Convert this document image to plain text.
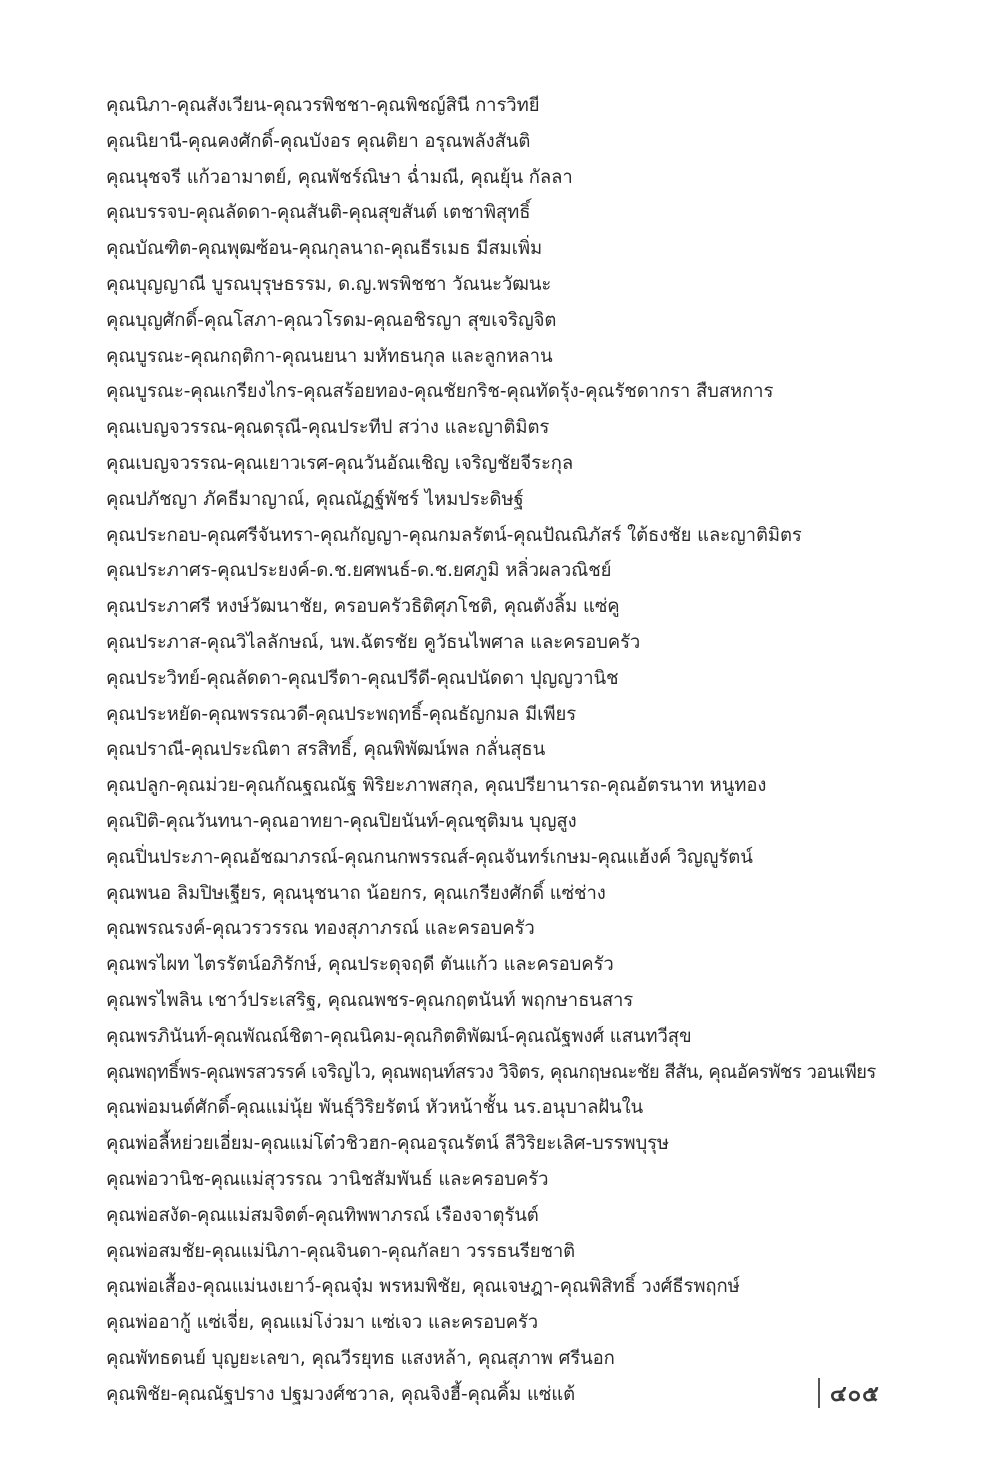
คุณนิภา-คุณสังเวียน-คุณวรพิชชา-คุณพิชญ์สินี การวิทยี
คุณนิยานี-คุณคงศักดิ์-คุณบังอร คุณติยา อรุณพลังสันติ
คุณนุชจรี แก้วอามาตย์, คุณพัชร์ณิษา ฉ่ำมณี, คุณยุ้น กัลลา
คุณบรรจบ-คุณลัดดา-คุณสันติ-คุณสุขสันต์ เตชาพิสุทธิ์
คุณบัณฑิต-คุณพุฒซ้อน-คุณกุลนาถ-คุณธีรเมธ มีสมเพิ่ม
คุณบุญญาณี บูรณบุรุษธรรม, ด.ญ.พรพิชชา วัณนะวัฒนะ
คุณบุญศักดิ์-คุณโสภา-คุณวโรดม-คุณอชิรญา สุขเจริญจิต
คุณบูรณะ-คุณกฤติกา-คุณนยนา มหัทธนกุล และลูกหลาน
คุณบูรณะ-คุณเกรียงไกร-คุณสร้อยทอง-คุณชัยกริช-คุณทัดรุ้ง-คุณรัชดากรา สืบสหการ
คุณเบญจวรรณ-คุณดรุณี-คุณประทีป สว่าง และญาติมิตร
คุณเบญจวรรณ-คุณเยาวเรศ-คุณวันอัณเชิญ เจริญชัยจีระกุล
คุณปภัชญา ภัคธีมาญาณ์, คุณณัฏฐ์พัชร์ ไหมประดิษฐ์
คุณประกอบ-คุณศรีจันทรา-คุณกัญญา-คุณกมลรัตน์-คุณปัณณิภัสร์ ใต้ธงชัย และญาติมิตร
คุณประภาศร-คุณประยงค์-ด.ช.ยศพนธ์-ด.ช.ยศภูมิ หลิ่วผลวณิชย์
คุณประภาศรี หงษ์วัฒนาชัย, ครอบครัวธิติศุภโชติ, คุณตังลิ้ม แซ่คู
คุณประภาส-คุณวิไลลักษณ์, นพ.ฉัตรชัย คูวัธนไพศาล และครอบครัว
คุณประวิทย์-คุณลัดดา-คุณปรีดา-คุณปรีดี-คุณปนัดดา ปุญญวานิช
คุณประหยัด-คุณพรรณวดี-คุณประพฤทธิ์-คุณธัญกมล มีเพียร
คุณปราณี-คุณประณิตา สรสิทธิ์, คุณพิพัฒน์พล กลั่นสุธน
คุณปลูก-คุณม่วย-คุณกัณฐณณัฐ พิริยะภาพสกุล, คุณปรียานารถ-คุณอัตรนาท หนูทอง
คุณปิติ-คุณวันทนา-คุณอาทยา-คุณปิยนันท์-คุณชุติมน บุญสูง
คุณปิ่นประภา-คุณอัชฌาภรณ์-คุณกนกพรรณส์-คุณจันทร์เกษม-คุณแฮ้งค์ วิญญูรัตน์
คุณพนอ ลิมปิษเฐียร, คุณนุชนาถ น้อยกร, คุณเกรียงศักดิ์ แซ่ช่าง
คุณพรณรงค์-คุณวรวรรณ ทองสุภาภรณ์ และครอบครัว
คุณพรไผท ไตรรัตน์อภิรักษ์, คุณประดุจฤดี ตันแก้ว และครอบครัว
คุณพรไพลิน เชาว์ประเสริฐ, คุณณพชร-คุณกฤตนันท์ พฤกษาธนสาร
คุณพรภินันท์-คุณพัณณ์ชิตา-คุณนิคม-คุณกิตติพัฒน์-คุณณัฐพงศ์ แสนทวีสุข
คุณพฤทธิ์พร-คุณพรสวรรค์ เจริญไว, คุณพฤนท์สรวง วิจิตร, คุณกฤษณะชัย สีสัน, คุณอัครพัชร วอนเพียร
คุณพ่อมนต์ศักดิ์-คุณแม่นุ้ย พันธุ์วิริยรัตน์ หัวหน้าชั้น นร.อนุบาลฝันใน
คุณพ่อลี้หย่วยเอี่ยม-คุณแม่โต๋วชิวฮก-คุณอรุณรัตน์ ลีวิริยะเลิศ-บรรพบุรุษ
คุณพ่อวานิช-คุณแม่สุวรรณ วานิชสัมพันธ์ และครอบครัว
คุณพ่อสงัด-คุณแม่สมจิตต์-คุณทิพพาภรณ์ เรืองจาตุรันต์
คุณพ่อสมชัย-คุณแม่นิภา-คุณจินดา-คุณกัลยา วรรธนรียชาติ
คุณพ่อเสื้อง-คุณแม่นงเยาว์-คุณจุ๋ม พรหมพิชัย, คุณเจษฎา-คุณพิสิทธิ์ วงศ์ธีรพฤกษ์
คุณพ่ออากู้ แซ่เจี่ย, คุณแม่โง่วมา แซ่เจว และครอบครัว
คุณพัทธดนย์ บุญยะเลขา, คุณวีรยุทธ แสงหล้า, คุณสุภาพ ศรีนอก
คุณพิชัย-คุณณัฐปราง ปฐมวงศ์ชวาล, คุณจิงฮี้-คุณคิ้ม แซ่แต้	๔๐๕
